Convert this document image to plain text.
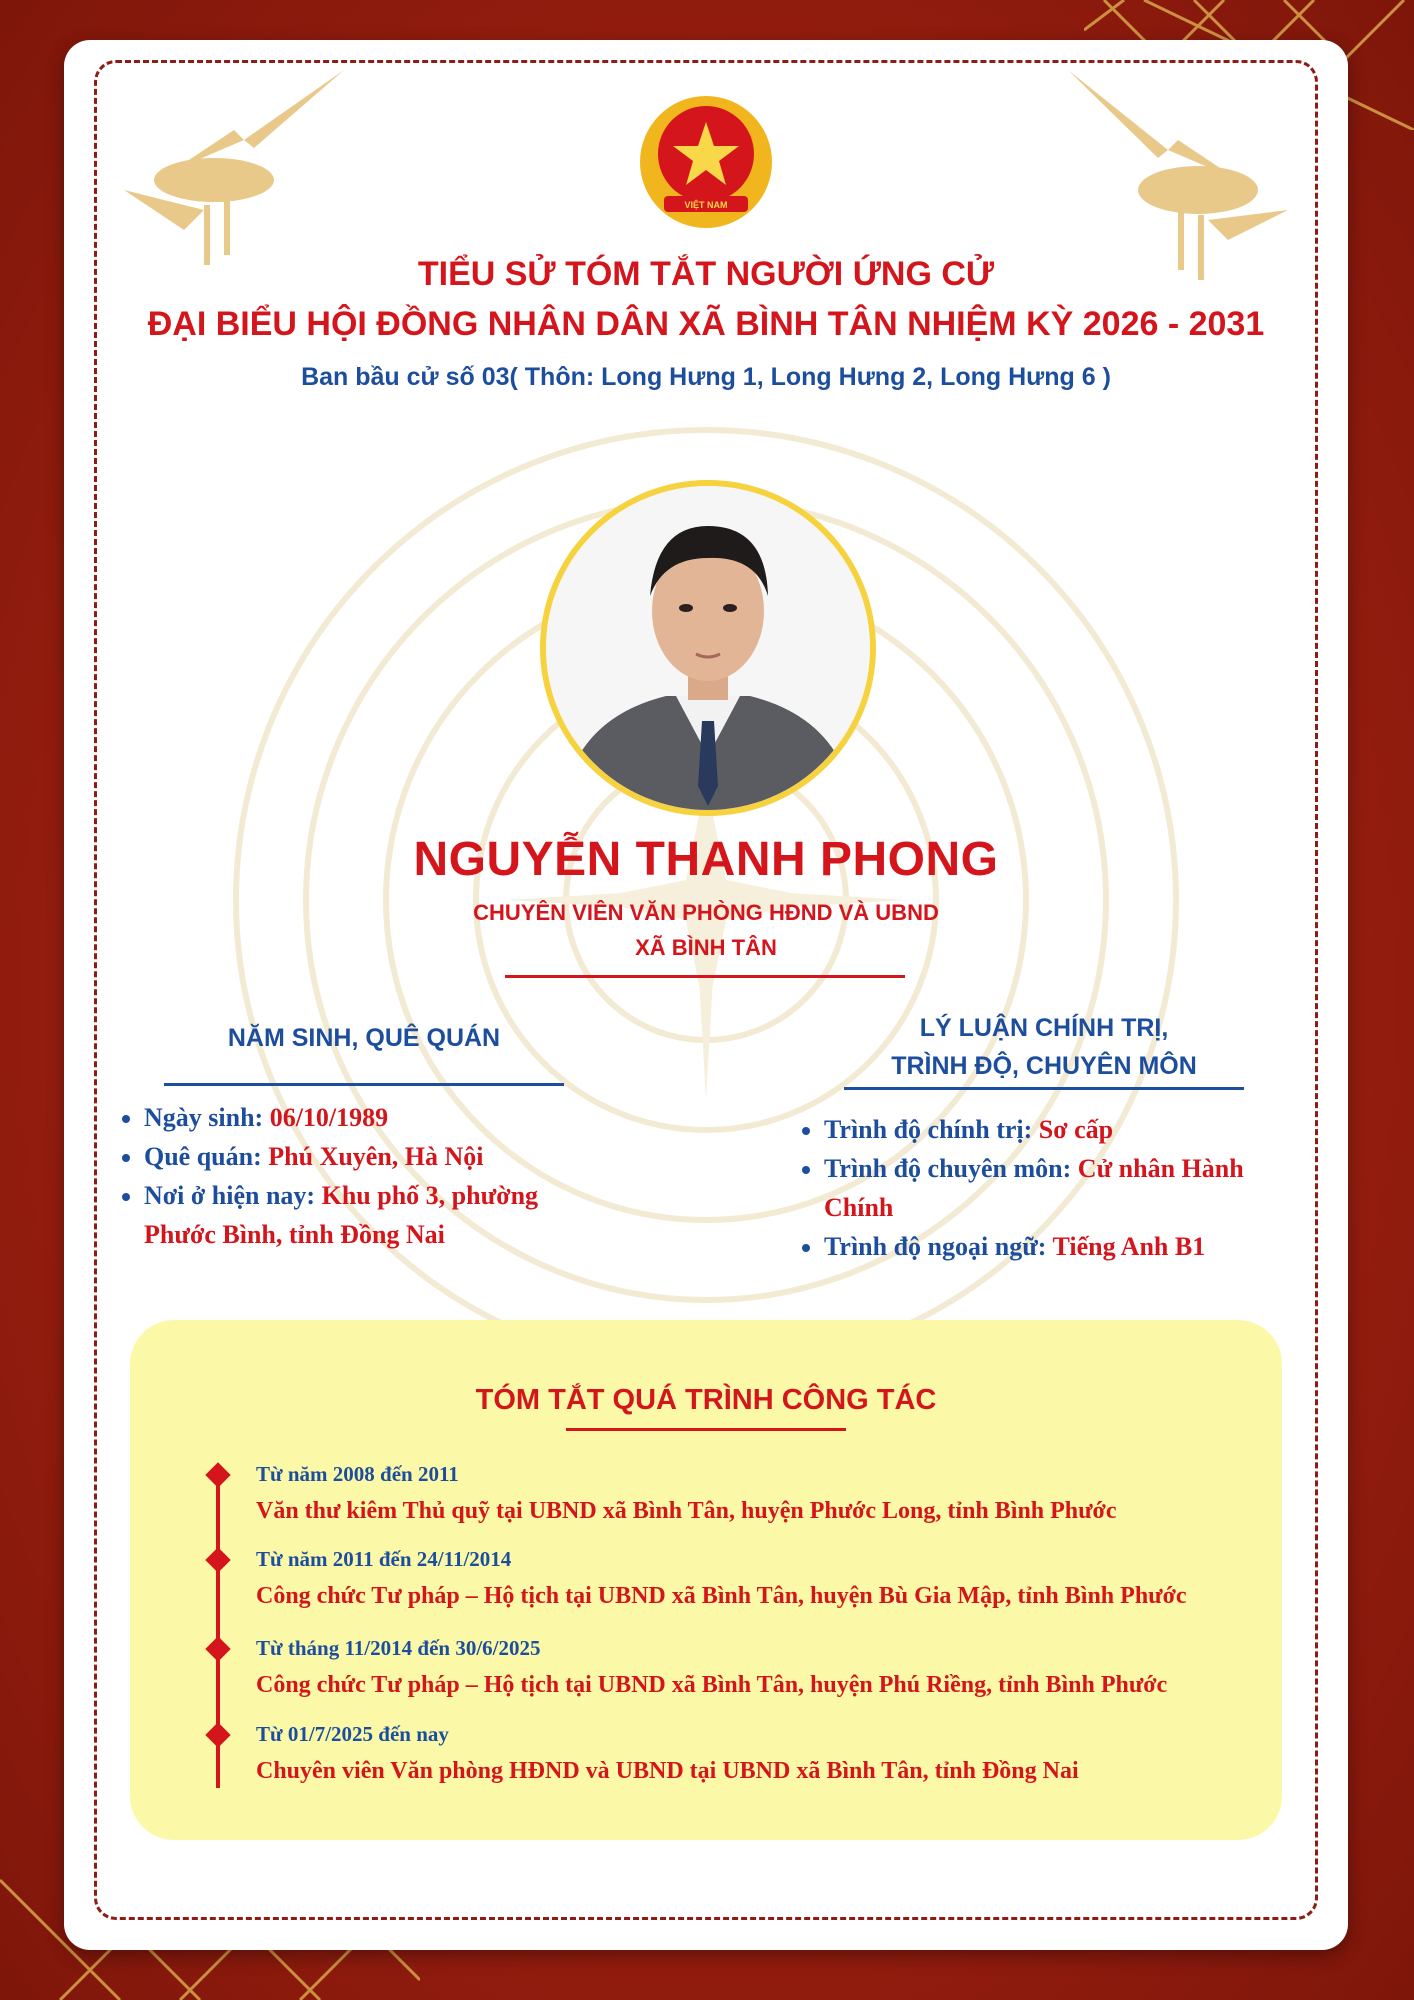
VIỆT NAM
TIỂU SỬ TÓM TẮT NGƯỜI ỨNG CỬ
ĐẠI BIỂU HỘI ĐỒNG NHÂN DÂN XÃ BÌNH TÂN NHIỆM KỲ 2026 - 2031
Ban bầu cử số 03( Thôn: Long Hưng 1, Long Hưng 2, Long Hưng 6 )
NGUYỄN THANH PHONG
CHUYÊN VIÊN VĂN PHÒNG HĐND VÀ UBND
XÃ BÌNH TÂN
NĂM SINH, QUÊ QUÁN
• Ngày sinh: 06/10/1989
• Quê quán: Phú Xuyên, Hà Nội
• Nơi ở hiện nay: Khu phố 3, phường Phước Bình, tỉnh Đồng Nai
LÝ LUẬN CHÍNH TRỊ,
TRÌNH ĐỘ, CHUYÊN MÔN
• Trình độ chính trị: Sơ cấp
• Trình độ chuyên môn: Cử nhân Hành Chính
• Trình độ ngoại ngữ: Tiếng Anh B1
TÓM TẮT QUÁ TRÌNH CÔNG TÁC
Từ năm 2008 đến 2011
Văn thư kiêm Thủ quỹ tại UBND xã Bình Tân, huyện Phước Long, tỉnh Bình Phước
Từ năm 2011 đến 24/11/2014
Công chức Tư pháp – Hộ tịch tại UBND xã Bình Tân, huyện Bù Gia Mập, tỉnh Bình Phước
Từ tháng 11/2014 đến 30/6/2025
Công chức Tư pháp – Hộ tịch tại UBND xã Bình Tân, huyện Phú Riềng, tỉnh Bình Phước
Từ 01/7/2025 đến nay
Chuyên viên Văn phòng HĐND và UBND tại UBND xã Bình Tân, tỉnh Đồng Nai
